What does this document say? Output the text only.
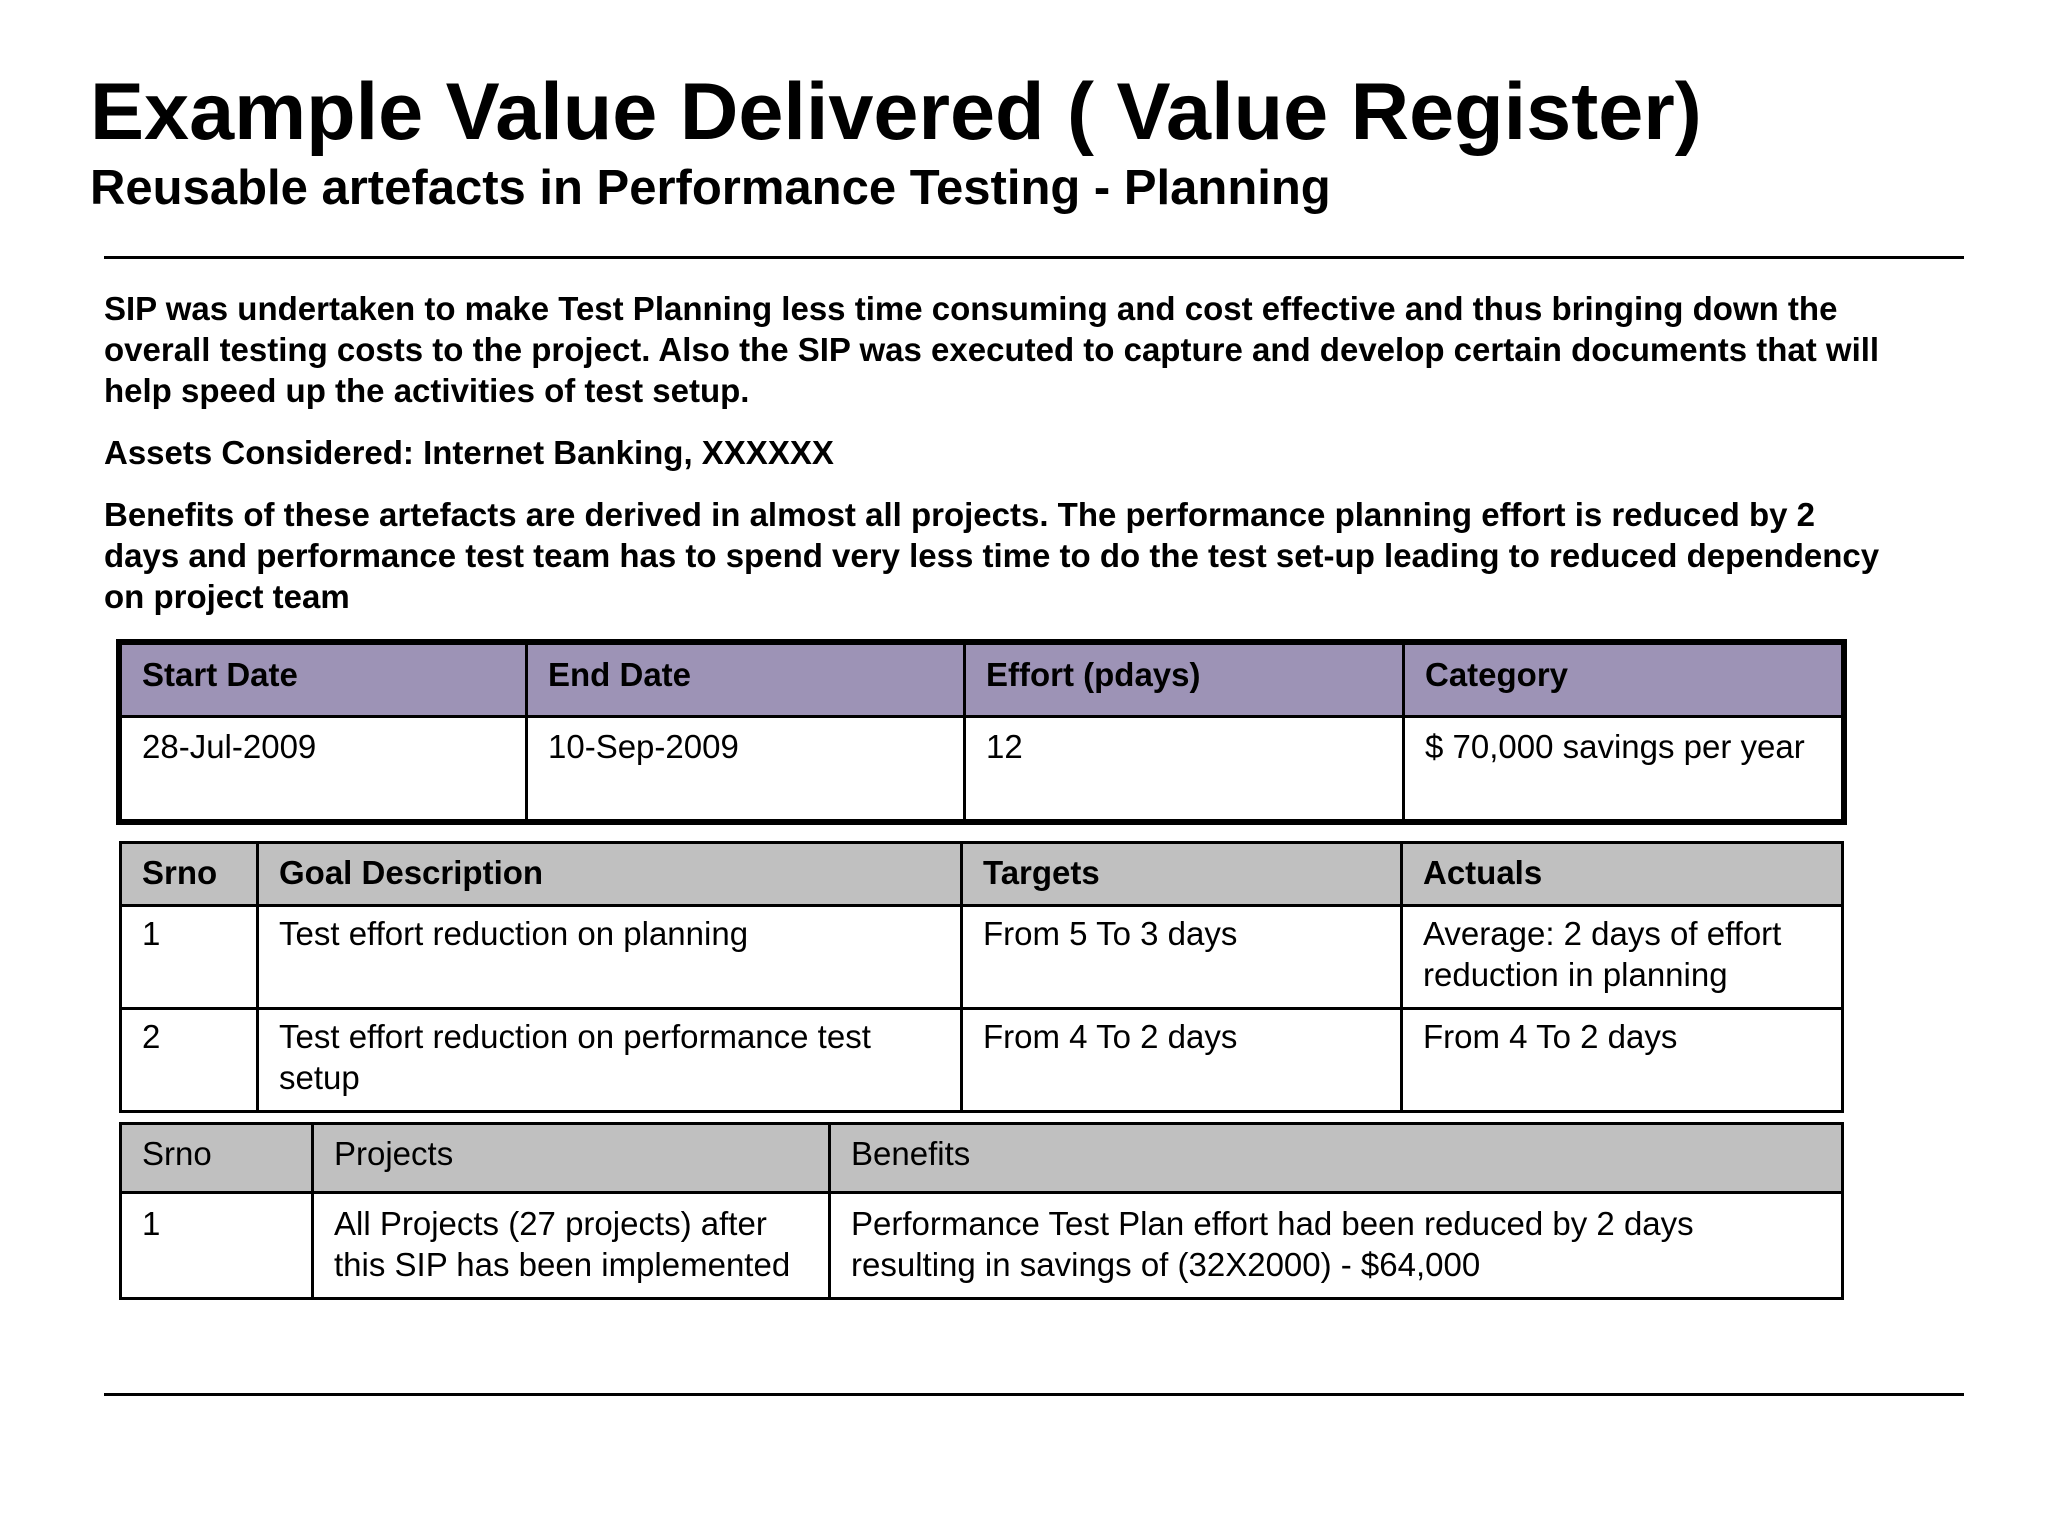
Example Value Delivered ( Value Register)
Reusable artefacts in Performance Testing - Planning

SIP was undertaken to make Test Planning less time consuming and cost effective and thus bringing down the overall testing costs to the project. Also the SIP was executed to capture and develop certain documents that will help speed up the activities of test setup.

Assets Considered: Internet Banking, XXXXXX

Benefits of these artefacts are derived in almost all projects. The performance planning effort is reduced by 2 days and performance test team has to spend very less time to do the test set-up leading to reduced dependency on project team

Start Date	End Date	Effort (pdays)	Category
28-Jul-2009	10-Sep-2009	12	$ 70,000 savings per year
Srno	Goal Description	Targets	Actuals
1	Test effort reduction on planning	From 5 To 3 days	Average: 2 days of effort reduction in planning
2	Test effort reduction on performance test setup	From 4 To 2 days	From 4 To 2 days
Srno	Projects	Benefits
1	All Projects (27 projects) after this SIP has been implemented	Performance Test Plan effort had been reduced by 2 days resulting in savings of (32X2000) - $64,000
